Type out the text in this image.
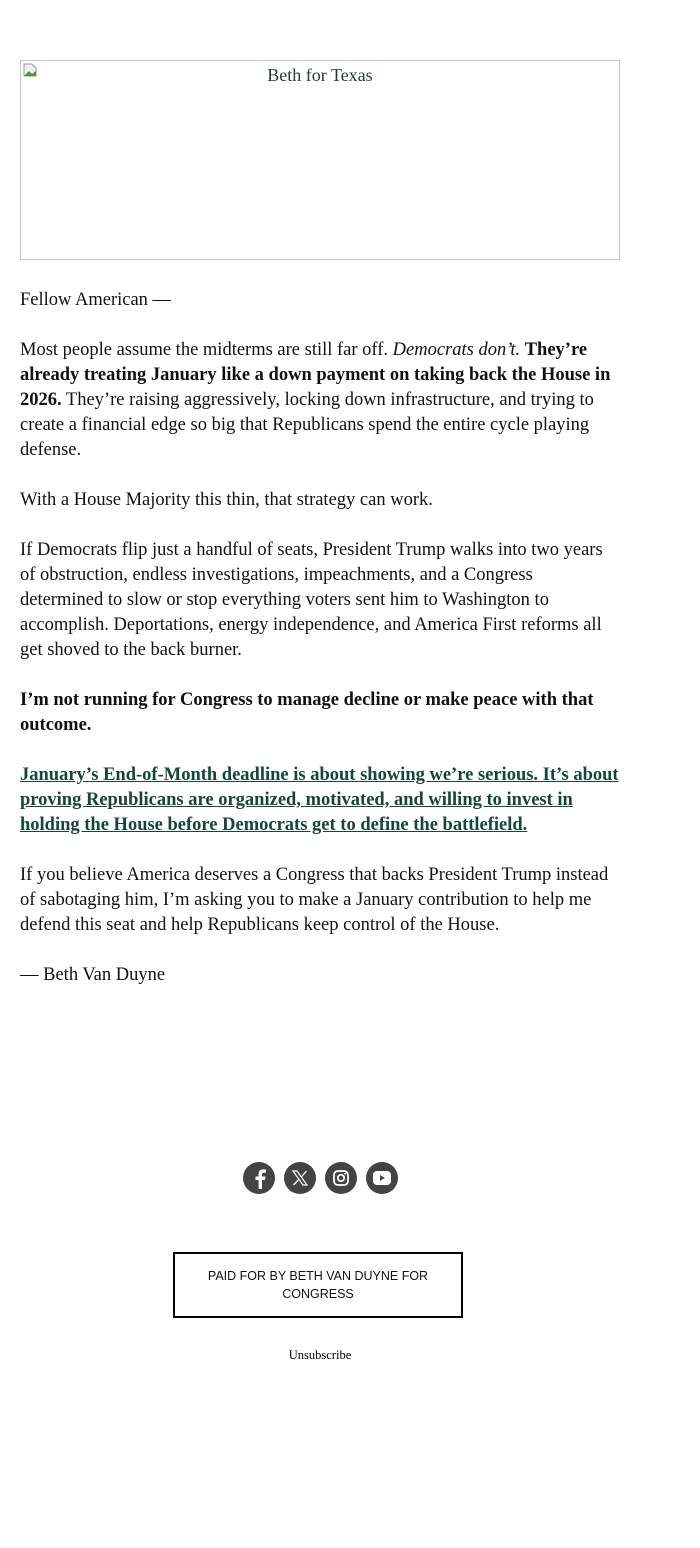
Beth for Texas

Fellow American —

Most people assume the midterms are still far off. Democrats don’t. They’re already treating January like a down payment on taking back the House in 2026. They’re raising aggressively, locking down infrastructure, and trying to create a financial edge so big that Republicans spend the entire cycle playing defense.

With a House Majority this thin, that strategy can work.

If Democrats flip just a handful of seats, President Trump walks into two years of obstruction, endless investigations, impeachments, and a Congress determined to slow or stop everything voters sent him to Washington to accomplish. Deportations, energy independence, and America First reforms all get shoved to the back burner.

I’m not running for Congress to manage decline or make peace with that outcome.

January’s End-of-Month deadline is about showing we’re serious. It’s about proving Republicans are organized, motivated, and willing to invest in holding the House before Democrats get to define the battlefield.

If you believe America deserves a Congress that backs President Trump instead of sabotaging him, I’m asking you to make a January contribution to help me defend this seat and help Republicans keep control of the House.

— Beth Van Duyne

PAID FOR BY BETH VAN DUYNE FOR CONGRESS
Unsubscribe
